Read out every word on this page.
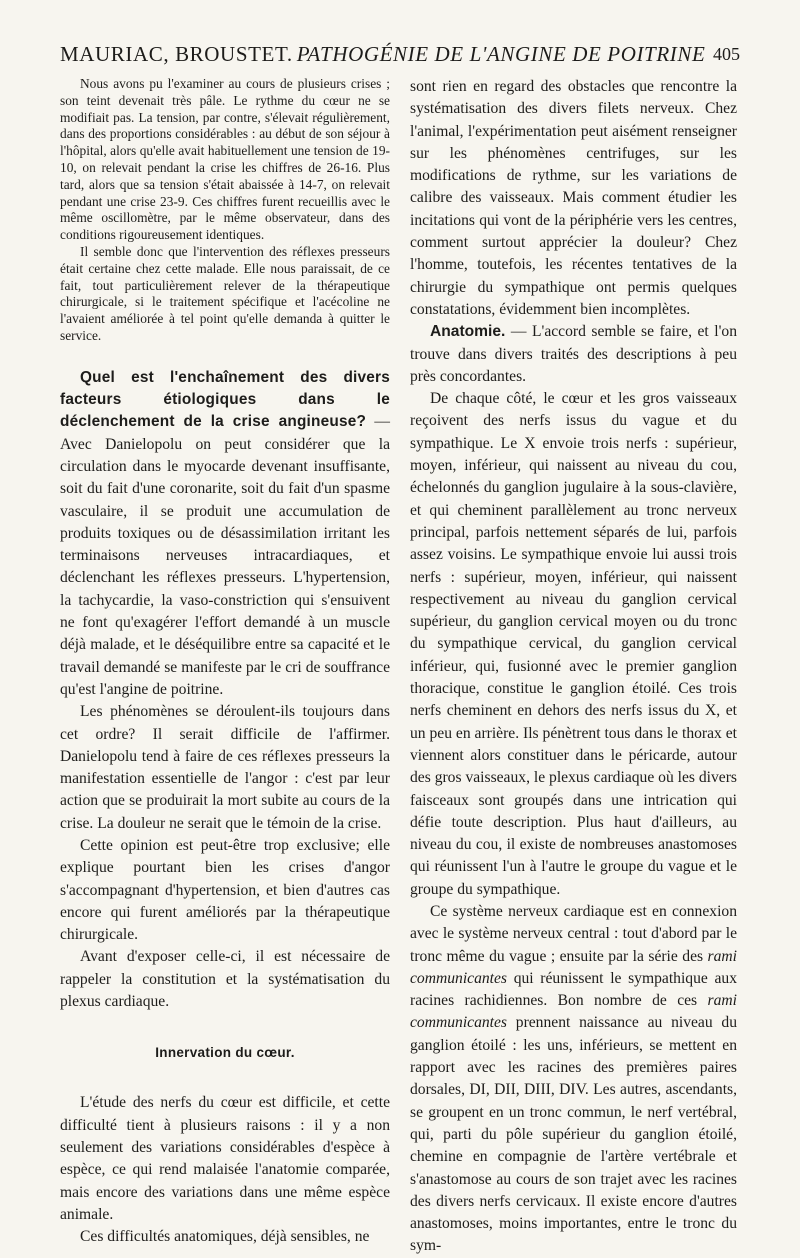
MAURIAC, BROUSTET. PATHOGÉNIE DE L'ANGINE DE POITRINE 405

Nous avons pu l'examiner au cours de plusieurs crises ; son teint devenait très pâle. Le rythme du cœur ne se modifiait pas. La tension, par contre, s'élevait régulièrement, dans des proportions considérables : au début de son séjour à l'hôpital, alors qu'elle avait habituellement une tension de 19-10, on relevait pendant la crise les chiffres de 26-16. Plus tard, alors que sa tension s'était abaissée à 14-7, on relevait pendant une crise 23-9. Ces chiffres furent recueillis avec le même oscillomètre, par le même observateur, dans des conditions rigoureusement identiques.

Il semble donc que l'intervention des réflexes presseurs était certaine chez cette malade. Elle nous paraissait, de ce fait, tout particulièrement relever de la thérapeutique chirurgicale, si le traitement spécifique et l'acécoline ne l'avaient améliorée à tel point qu'elle demanda à quitter le service.

Quel est l'enchaînement des divers facteurs étiologiques dans le déclenchement de la crise angineuse? — Avec Danielopolu on peut considérer que la circulation dans le myocarde devenant insuffisante, soit du fait d'une coronarite, soit du fait d'un spasme vasculaire, il se produit une accumulation de produits toxiques ou de désassimilation irritant les terminaisons nerveuses intracardiaques, et déclenchant les réflexes presseurs. L'hypertension, la tachycardie, la vaso-constriction qui s'ensuivent ne font qu'exagérer l'effort demandé à un muscle déjà malade, et le déséquilibre entre sa capacité et le travail demandé se manifeste par le cri de souffrance qu'est l'angine de poitrine.

Les phénomènes se déroulent-ils toujours dans cet ordre? Il serait difficile de l'affirmer. Danielopolu tend à faire de ces réflexes presseurs la manifestation essentielle de l'angor : c'est par leur action que se produirait la mort subite au cours de la crise. La douleur ne serait que le témoin de la crise.

Cette opinion est peut-être trop exclusive; elle explique pourtant bien les crises d'angor s'accompagnant d'hypertension, et bien d'autres cas encore qui furent améliorés par la thérapeutique chirurgicale.

Avant d'exposer celle-ci, il est nécessaire de rappeler la constitution et la systématisation du plexus cardiaque.

Innervation du cœur.

L'étude des nerfs du cœur est difficile, et cette difficulté tient à plusieurs raisons : il y a non seulement des variations considérables d'espèce à espèce, ce qui rend malaisée l'anatomie comparée, mais encore des variations dans une même espèce animale.

Ces difficultés anatomiques, déjà sensibles, ne

sont rien en regard des obstacles que rencontre la systématisation des divers filets nerveux. Chez l'animal, l'expérimentation peut aisément renseigner sur les phénomènes centrifuges, sur les modifications de rythme, sur les variations de calibre des vaisseaux. Mais comment étudier les incitations qui vont de la périphérie vers les centres, comment surtout apprécier la douleur? Chez l'homme, toutefois, les récentes tentatives de la chirurgie du sympathique ont permis quelques constatations, évidemment bien incomplètes.

Anatomie. — L'accord semble se faire, et l'on trouve dans divers traités des descriptions à peu près concordantes.

De chaque côté, le cœur et les gros vaisseaux reçoivent des nerfs issus du vague et du sympathique. Le X envoie trois nerfs : supérieur, moyen, inférieur, qui naissent au niveau du cou, échelonnés du ganglion jugulaire à la sous-clavière, et qui cheminent parallèlement au tronc nerveux principal, parfois nettement séparés de lui, parfois assez voisins. Le sympathique envoie lui aussi trois nerfs : supérieur, moyen, inférieur, qui naissent respectivement au niveau du ganglion cervical supérieur, du ganglion cervical moyen ou du tronc du sympathique cervical, du ganglion cervical inférieur, qui, fusionné avec le premier ganglion thoracique, constitue le ganglion étoilé. Ces trois nerfs cheminent en dehors des nerfs issus du X, et un peu en arrière. Ils pénètrent tous dans le thorax et viennent alors constituer dans le péricarde, autour des gros vaisseaux, le plexus cardiaque où les divers faisceaux sont groupés dans une intrication qui défie toute description. Plus haut d'ailleurs, au niveau du cou, il existe de nombreuses anastomoses qui réunissent l'un à l'autre le groupe du vague et le groupe du sympathique.

Ce système nerveux cardiaque est en connexion avec le système nerveux central : tout d'abord par le tronc même du vague ; ensuite par la série des rami communicantes qui réunissent le sympathique aux racines rachidiennes. Bon nombre de ces rami communicantes prennent naissance au niveau du ganglion étoilé : les uns, inférieurs, se mettent en rapport avec les racines des premières paires dorsales, DI, DII, DIII, DIV. Les autres, ascendants, se groupent en un tronc commun, le nerf vertébral, qui, parti du pôle supérieur du ganglion étoilé, chemine en compagnie de l'artère vertébrale et s'anastomose au cours de son trajet avec les racines des divers nerfs cervicaux. Il existe encore d'autres anastomoses, moins importantes, entre le tronc du sym-
